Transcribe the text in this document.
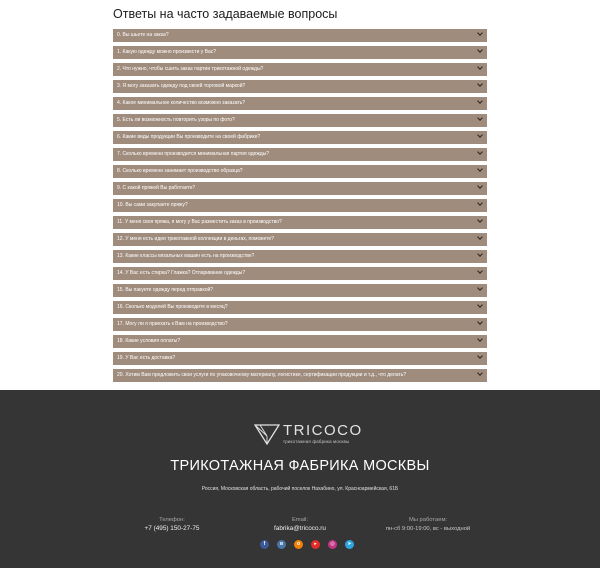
Ответы на часто задаваемые вопросы
0. Вы шьете на заказ?
1. Какую одежду можно произвести у Вас?
2. Что нужно, чтобы сшить заказ партии трикотажной одежды?
3. Я могу заказать одежду под своей торговой маркой?
4. Какое минимальное количество возможно заказать?
5. Есть ли возможность повторить узоры по фото?
6. Какие виды продукции Вы производите на своей фабрике?
7. Сколько времени производится минимальная партия одежды?
8. Сколько времени занимает производство образца?
9. С какой пряжей Вы работаете?
10. Вы сами закупаете пряжу?
11. У меня своя пряжа, я могу у Вас разместить заказ в производство?
12. У меня есть идеи трикотажной коллекции в деньгах, поможете?
13. Какие классы вязальных машин есть на производстве?
14. У Вас есть стирка? Глажка? Отпаривание одежды?
15. Вы пакуете одежду перед отправкой?
16. Сколько моделей Вы производите в месяц?
17. Могу ли я приехать к Вам на производство?
18. Какие условия оплаты?
19. У Вас есть доставка?
20. Хотим Вам предложить свои услуги по упаковочному материалу, логистике, сертификации продукции и т.д., что делать?
TRICOCO
трикотажная фабрика москвы
ТРИКОТАЖНАЯ ФАБРИКА МОСКВЫ
Россия, Московская область, рабочий поселок Нахабино, ул. Красноармейская, 61Б
Телефон:
+7 (495) 150-27-75
Email:
fabrika@tricoco.ru
Мы работаем:
пн-сб 9:00-19:00, вс - выходной
f	в	о	▸	◎	➤
